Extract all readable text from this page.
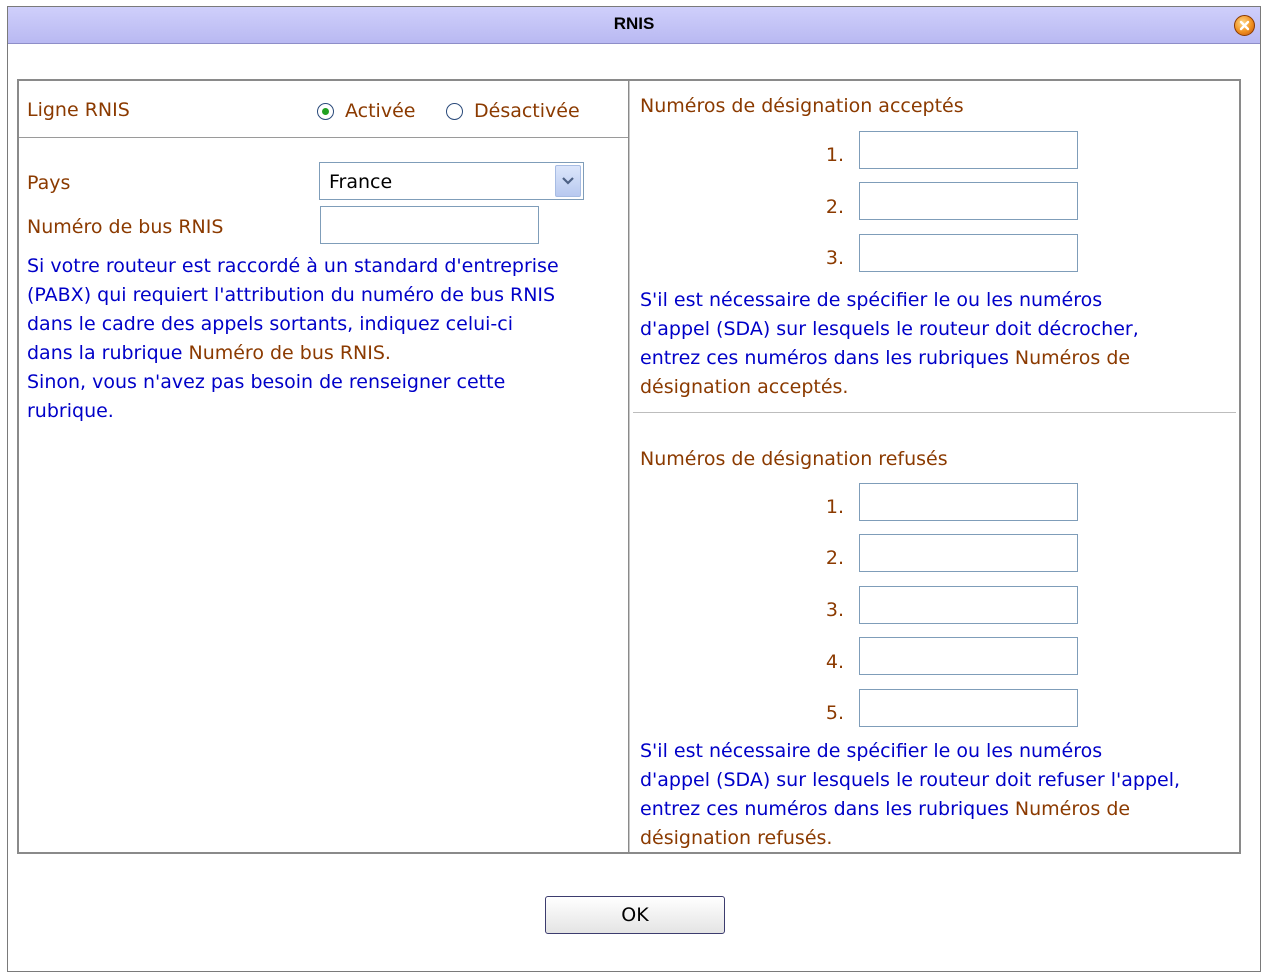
RNIS
Ligne RNIS	Activée	Désactivée
Pays	France
Numéro de bus RNIS
Si votre routeur est raccordé à un standard d'entreprise
(PABX) qui requiert l'attribution du numéro de bus RNIS
dans le cadre des appels sortants, indiquez celui-ci
dans la rubrique Numéro de bus RNIS.
Sinon, vous n'avez pas besoin de renseigner cette
rubrique.
Numéros de désignation acceptés
1.
2.
3.
S'il est nécessaire de spécifier le ou les numéros
d'appel (SDA) sur lesquels le routeur doit décrocher,
entrez ces numéros dans les rubriques Numéros de
désignation acceptés.
Numéros de désignation refusés
1.
2.
3.
4.
5.
S'il est nécessaire de spécifier le ou les numéros
d'appel (SDA) sur lesquels le routeur doit refuser l'appel,
entrez ces numéros dans les rubriques Numéros de
désignation refusés.
OK
